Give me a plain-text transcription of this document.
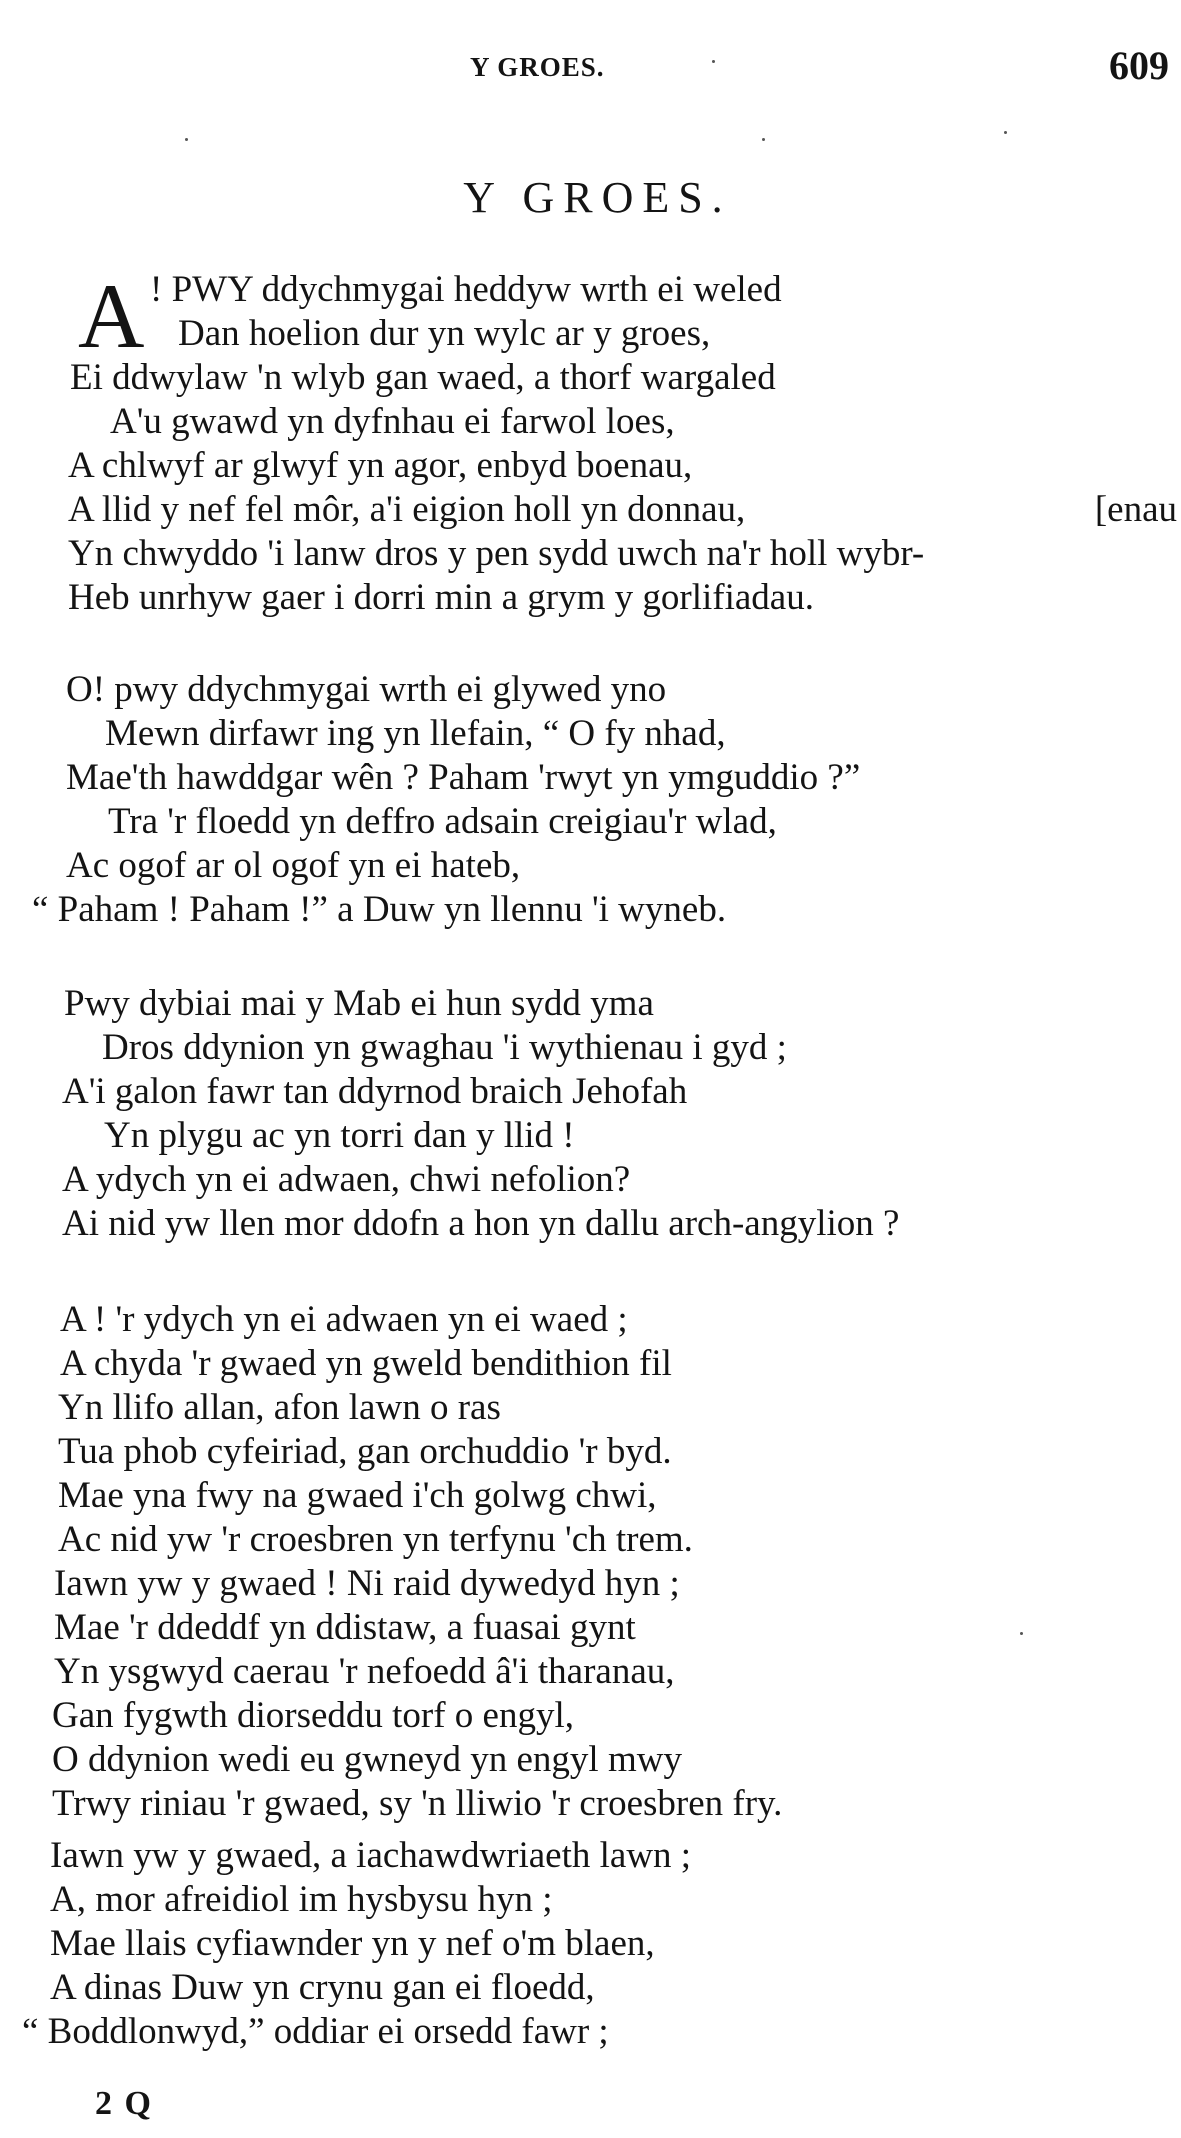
Y GROES.	609
Y GROES.
A ! PWY ddychmygai heddyw wrth ei weled
Dan hoelion dur yn wylc ar y groes,
Ei ddwylaw 'n wlyb gan waed, a thorf wargaled
A'u gwawd yn dyfnhau ei farwol loes,
A chlwyf ar glwyf yn agor, enbyd boenau,
A llid y nef fel môr, a'i eigion holl yn donnau,	[enau
Yn chwyddo 'i lanw dros y pen sydd uwch na'r holl wybr-
Heb unrhyw gaer i dorri min a grym y gorlifiadau.
O! pwy ddychmygai wrth ei glywed yno
Mewn dirfawr ing yn llefain, “ O fy nhad,
Mae'th hawddgar wên ? Paham 'rwyt yn ymguddio ?”
Tra 'r floedd yn deffro adsain creigiau'r wlad,
Ac ogof ar ol ogof yn ei hateb,
“ Paham ! Paham !” a Duw yn llennu 'i wyneb.
Pwy dybiai mai y Mab ei hun sydd yma
Dros ddynion yn gwaghau 'i wythienau i gyd ;
A'i galon fawr tan ddyrnod braich Jehofah
Yn plygu ac yn torri dan y llid !
A ydych yn ei adwaen, chwi nefolion?
Ai nid yw llen mor ddofn a hon yn dallu arch-angylion ?
A ! 'r ydych yn ei adwaen yn ei waed ;
A chyda 'r gwaed yn gweld bendithion fil
Yn llifo allan, afon lawn o ras
Tua phob cyfeiriad, gan orchuddio 'r byd.
Mae yna fwy na gwaed i'ch golwg chwi,
Ac nid yw 'r croesbren yn terfynu 'ch trem.
Iawn yw y gwaed ! Ni raid dywedyd hyn ;
Mae 'r ddeddf yn ddistaw, a fuasai gynt
Yn ysgwyd caerau 'r nefoedd â'i tharanau,
Gan fygwth diorseddu torf o engyl,
O ddynion wedi eu gwneyd yn engyl mwy
Trwy riniau 'r gwaed, sy 'n lliwio 'r croesbren fry.
Iawn yw y gwaed, a iachawdwriaeth lawn ;
A, mor afreidiol im hysbysu hyn ;
Mae llais cyfiawnder yn y nef o'm blaen,
A dinas Duw yn crynu gan ei floedd,
“ Boddlonwyd,” oddiar ei orsedd fawr ;
2 Q
